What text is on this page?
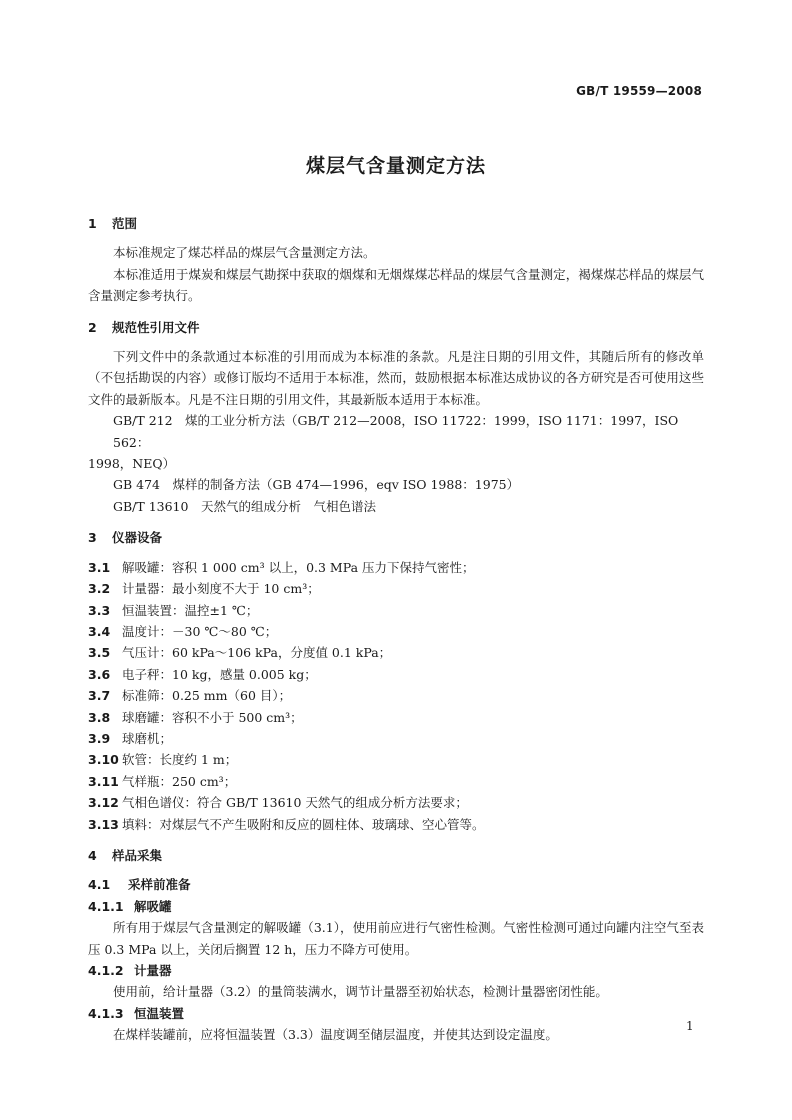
GB/T 19559—2008
煤层气含量测定方法
1 范围

本标准规定了煤芯样品的煤层气含量测定方法。

本标准适用于煤炭和煤层气勘探中获取的烟煤和无烟煤煤芯样品的煤层气含量测定，褐煤煤芯样品的煤层气含量测定参考执行。

2 规范性引用文件

下列文件中的条款通过本标准的引用而成为本标准的条款。凡是注日期的引用文件，其随后所有的修改单（不包括勘误的内容）或修订版均不适用于本标准，然而，鼓励根据本标准达成协议的各方研究是否可使用这些文件的最新版本。凡是不注日期的引用文件，其最新版本适用于本标准。

GB/T 212　煤的工业分析方法（GB/T 212—2008，ISO 11722：1999，ISO 1171：1997，ISO 562：

1998，NEQ）

GB 474　煤样的制备方法（GB 474—1996，eqv ISO 1988：1975）

GB/T 13610　天然气的组成分析　气相色谱法

3 仪器设备
3.1 解吸罐：容积 1 000 cm³ 以上，0.3 MPa 压力下保持气密性；
3.2 计量器：最小刻度不大于 10 cm³；
3.3 恒温装置：温控±1 ℃；
3.4 温度计：－30 ℃～80 ℃；
3.5 气压计：60 kPa～106 kPa，分度值 0.1 kPa；
3.6 电子秤：10 kg，感量 0.005 kg；
3.7 标准筛：0.25 mm（60 目）；
3.8 球磨罐：容积不小于 500 cm³；
3.9 球磨机；
3.10 软管：长度约 1 m；
3.11 气样瓶：250 cm³；
3.12 气相色谱仪：符合 GB/T 13610 天然气的组成分析方法要求；
3.13 填料：对煤层气不产生吸附和反应的圆柱体、玻璃球、空心管等。
4 样品采集
4.1 采样前准备
4.1.1 解吸罐

所有用于煤层气含量测定的解吸罐（3.1），使用前应进行气密性检测。气密性检测可通过向罐内注空气至表压 0.3 MPa 以上，关闭后搁置 12 h，压力不降方可使用。

4.1.2 计量器

使用前，给计量器（3.2）的量筒装满水，调节计量器至初始状态，检测计量器密闭性能。

4.1.3 恒温装置

在煤样装罐前，应将恒温装置（3.3）温度调至储层温度，并使其达到设定温度。

1
